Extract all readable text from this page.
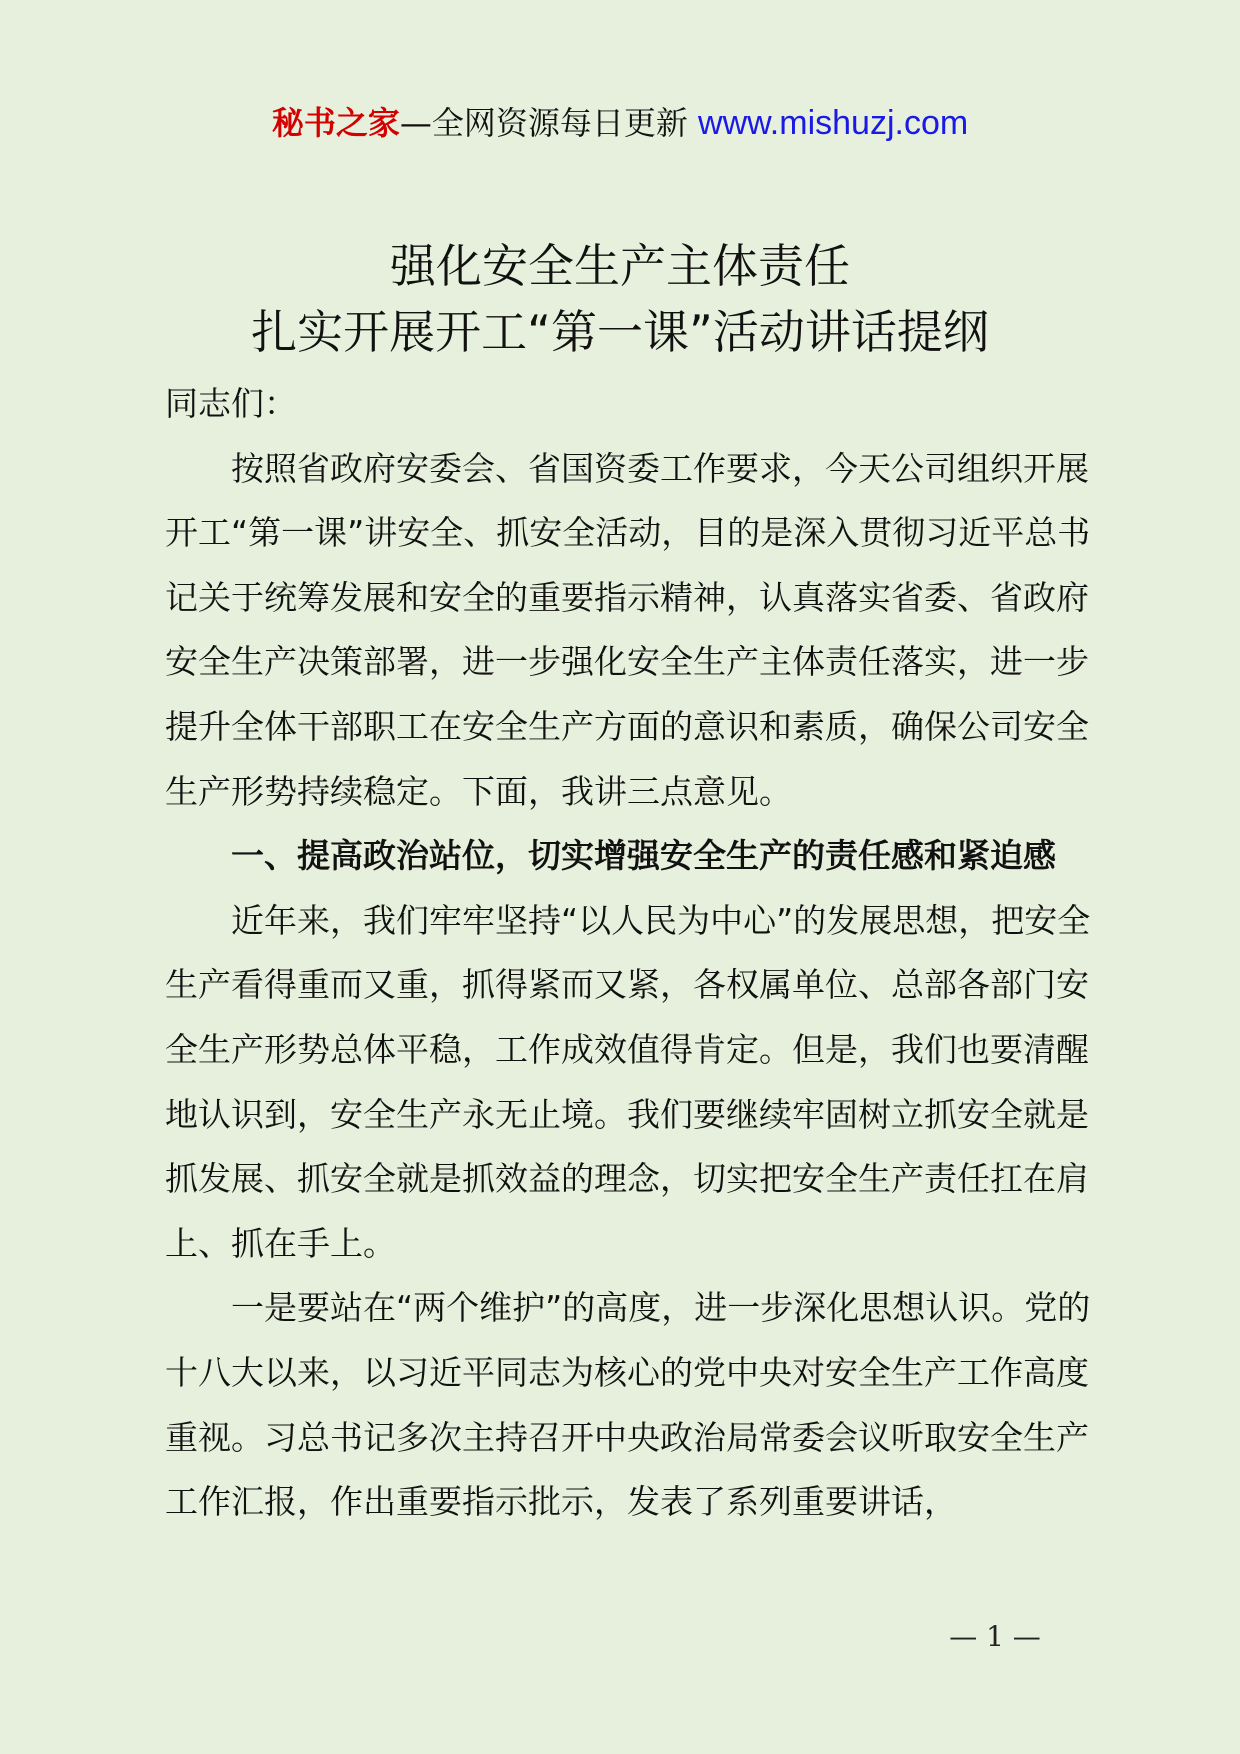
秘书之家—全网资源每日更新 www.mishuzj.com
强化安全生产主体责任
扎实开展开工“第一课”活动讲话提纲

同志们：

按照省政府安委会、省国资委工作要求，今天公司组织开展开工“第一课”讲安全、抓安全活动，目的是深入贯彻习近平总书记关于统筹发展和安全的重要指示精神，认真落实省委、省政府安全生产决策部署，进一步强化安全生产主体责任落实，进一步提升全体干部职工在安全生产方面的意识和素质，确保公司安全生产形势持续稳定。下面，我讲三点意见。

一、提高政治站位，切实增强安全生产的责任感和紧迫感

近年来，我们牢牢坚持“以人民为中心”的发展思想，把安全生产看得重而又重，抓得紧而又紧，各权属单位、总部各部门安全生产形势总体平稳，工作成效值得肯定。但是，我们也要清醒地认识到，安全生产永无止境。我们要继续牢固树立抓安全就是抓发展、抓安全就是抓效益的理念，切实把安全生产责任扛在肩上、抓在手上。

一是要站在“两个维护”的高度，进一步深化思想认识。党的十八大以来，以习近平同志为核心的党中央对安全生产工作高度重视。习总书记多次主持召开中央政治局常委会议听取安全生产工作汇报，作出重要指示批示，发表了系列重要讲话，

— 1 —
